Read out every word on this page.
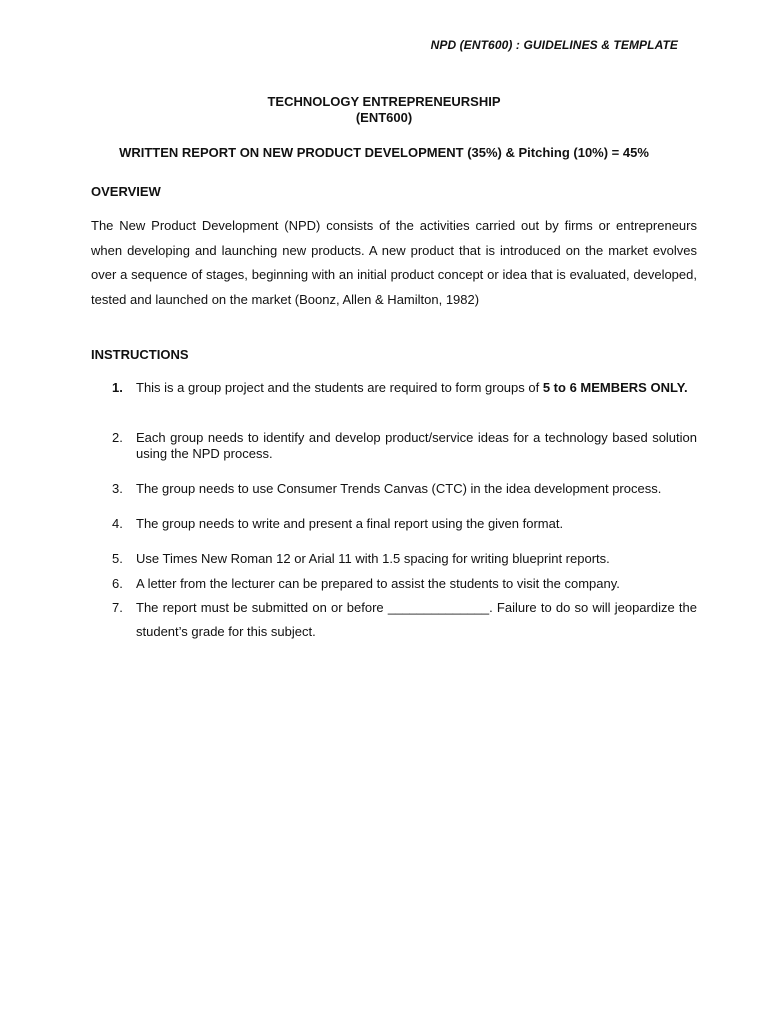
NPD (ENT600) : GUIDELINES & TEMPLATE
TECHNOLOGY ENTREPRENEURSHIP
(ENT600)
WRITTEN REPORT ON NEW PRODUCT DEVELOPMENT (35%) & Pitching (10%) = 45%
OVERVIEW
The New Product Development (NPD) consists of the activities carried out by firms or entrepreneurs when developing and launching new products. A new product that is introduced on the market evolves over a sequence of stages, beginning with an initial product concept or idea that is evaluated, developed, tested and launched on the market (Boonz, Allen & Hamilton, 1982)
INSTRUCTIONS
1. This is a group project and the students are required to form groups of 5 to 6 MEMBERS ONLY.
2. Each group needs to identify and develop product/service ideas for a technology based solution using the NPD process.
3. The group needs to use Consumer Trends Canvas (CTC) in the idea development process.
4. The group needs to write and present a final report using the given format.
5. Use Times New Roman 12 or Arial 11 with 1.5 spacing for writing blueprint reports.
6. A letter from the lecturer can be prepared to assist the students to visit the company.
7. The report must be submitted on or before ______________. Failure to do so will jeopardize the student’s grade for this subject.
